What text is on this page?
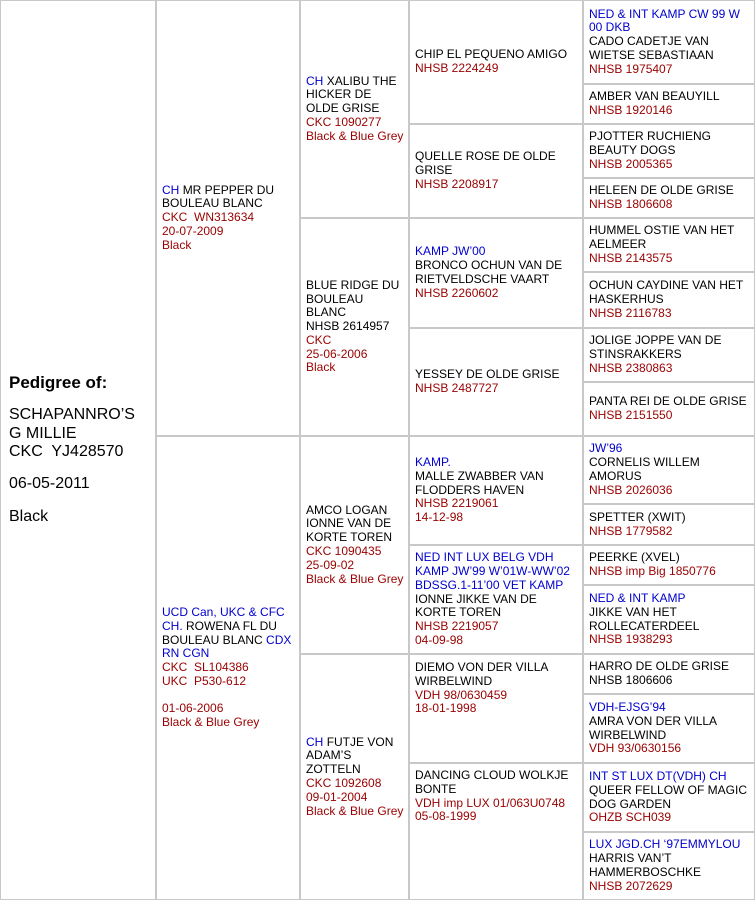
Pedigree of:
SCHAPANNRO’S
G MILLIE
CKC  YJ428570
06-05-2011
Black
CH MR PEPPER DU BOULEAU BLANC
CKC  WN313634
20-07-2009
Black
UCD Can, UKC & CFC CH. ROWENA FL DU BOULEAU BLANC CDX RN CGN
CKC  SL104386
UKC  P530-612
01-06-2006
Black & Blue Grey
CH XALIBU THE HICKER DE OLDE GRISE
CKC 1090277
Black & Blue Grey
BLUE RIDGE DU BOULEAU BLANC
NHSB 2614957
CKC
25-06-2006
Black
AMCO LOGAN IONNE VAN DE KORTE TOREN
CKC 1090435
25-09-02
Black & Blue Grey
CH FUTJE VON ADAM’S ZOTTELN
CKC 1092608
09-01-2004
Black & Blue Grey
CHIP EL PEQUENO AMIGO
NHSB 2224249
QUELLE ROSE DE OLDE GRISE
NHSB 2208917
KAMP JW’00
BRONCO OCHUN VAN DE RIETVELDSCHE VAART
NHSB 2260602
YESSEY DE OLDE GRISE
NHSB 2487727
KAMP.
MALLE ZWABBER VAN FLODDERS HAVEN
NHSB 2219061
14-12-98
NED INT LUX BELG VDH KAMP JW’99 W’01W-WW’02 BDSSG.1-11’00 VET KAMP
IONNE JIKKE VAN DE KORTE TOREN
NHSB 2219057
04-09-98
DIEMO VON DER VILLA WIRBELWIND
VDH 98/0630459
18-01-1998
DANCING CLOUD WOLKJE BONTE
VDH imp LUX 01/063U0748
05-08-1999
NED & INT KAMP CW 99 W 00 DKB
CADO CADETJE VAN WIETSE SEBASTIAAN
NHSB 1975407
AMBER VAN BEAUYILL
NHSB 1920146
PJOTTER RUCHIENG BEAUTY DOGS
NHSB 2005365
HELEEN DE OLDE GRISE
NHSB 1806608
HUMMEL OSTIE VAN HET AELMEER
NHSB 2143575
OCHUN CAYDINE VAN HET HASKERHUS
NHSB 2116783
JOLIGE JOPPE VAN DE STINSRAKKERS
NHSB 2380863
PANTA REI DE OLDE GRISE
NHSB 2151550
JW’96
CORNELIS WILLEM AMORUS
NHSB 2026036
SPETTER (XWIT)
NHSB 1779582
PEERKE (XVEL)
NHSB imp Big 1850776
NED & INT KAMP
JIKKE VAN HET ROLLECATERDEEL
NHSB 1938293
HARRO DE OLDE GRISE
NHSB 1806606
VDH-EJSG’94
AMRA VON DER VILLA WIRBELWIND
VDH 93/0630156
INT ST LUX DT(VDH) CH
QUEER FELLOW OF MAGIC DOG GARDEN
OHZB SCH039
LUX JGD.CH ‘97EMMYLOU
HARRIS VAN’T HAMMERBOSCHKE
NHSB 2072629
